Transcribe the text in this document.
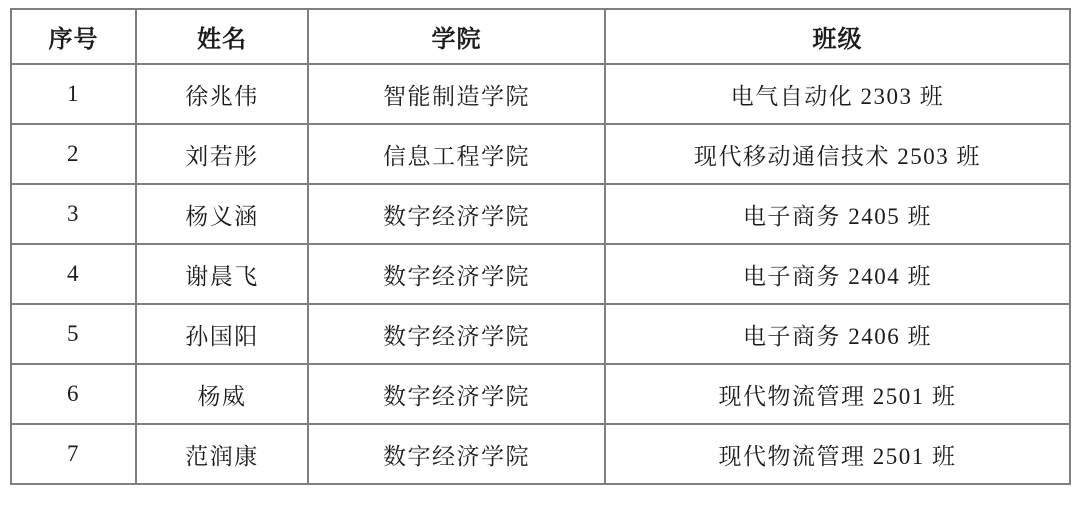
序号	姓名	学院	班级
1	徐兆伟	智能制造学院	电气自动化 2303 班
2	刘若彤	信息工程学院	现代移动通信技术 2503 班
3	杨义涵	数字经济学院	电子商务 2405 班
4	谢晨飞	数字经济学院	电子商务 2404 班
5	孙国阳	数字经济学院	电子商务 2406 班
6	杨威	数字经济学院	现代物流管理 2501 班
7	范润康	数字经济学院	现代物流管理 2501 班
